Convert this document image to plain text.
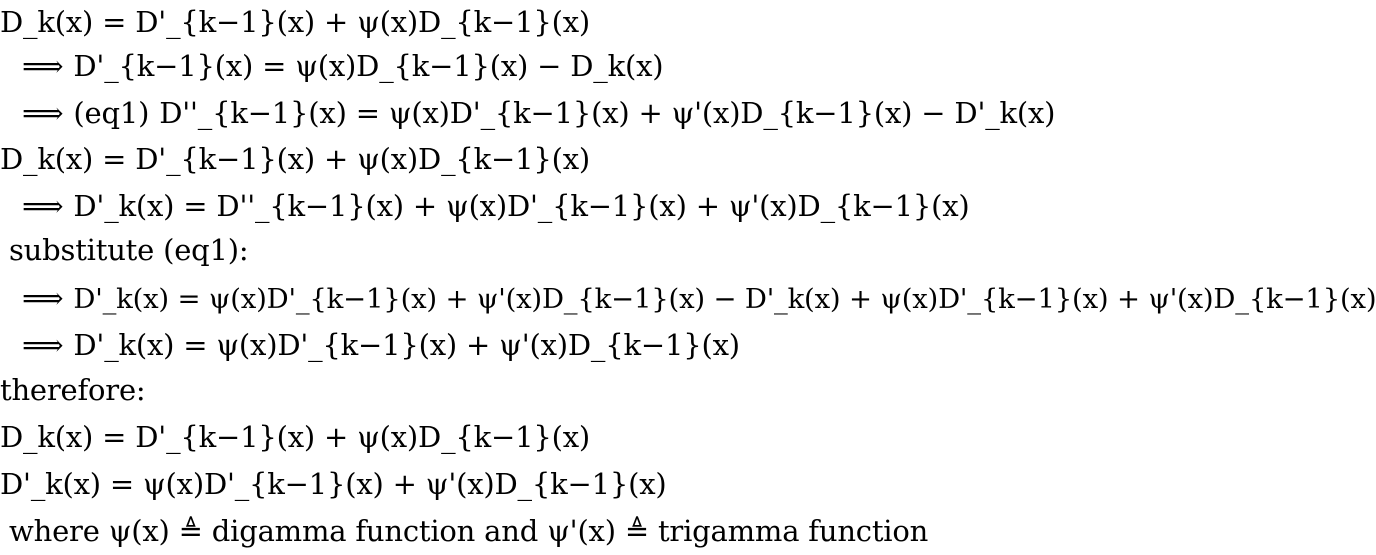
D_k(x) = D'_{k−1}(x) + ψ(x)D_{k−1}(x)
⟹ D'_{k−1}(x) = ψ(x)D_{k−1}(x) − D_k(x)
⟹ (eq1) D''_{k−1}(x) = ψ(x)D'_{k−1}(x) + ψ'(x)D_{k−1}(x) − D'_k(x)
D_k(x) = D'_{k−1}(x) + ψ(x)D_{k−1}(x)
⟹ D'_k(x) = D''_{k−1}(x) + ψ(x)D'_{k−1}(x) + ψ'(x)D_{k−1}(x)
substitute (eq1):
⟹ D'_k(x) = ψ(x)D'_{k−1}(x) + ψ'(x)D_{k−1}(x) − D'_k(x) + ψ(x)D'_{k−1}(x) + ψ'(x)D_{k−1}(x)
⟹ D'_k(x) = ψ(x)D'_{k−1}(x) + ψ'(x)D_{k−1}(x)
therefore:
D_k(x) = D'_{k−1}(x) + ψ(x)D_{k−1}(x)
D'_k(x) = ψ(x)D'_{k−1}(x) + ψ'(x)D_{k−1}(x)
where ψ(x) ≜ digamma function and ψ'(x) ≜ trigamma function
